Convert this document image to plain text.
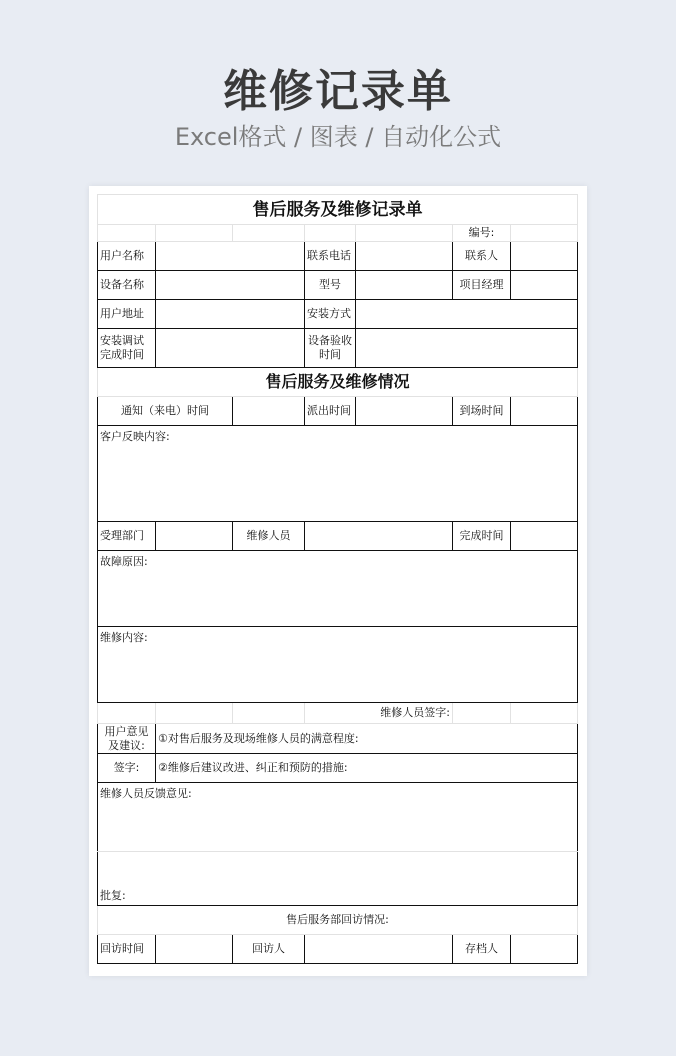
维修记录单
Excel格式 / 图表 / 自动化公式
售后服务及维修记录单						
					编号:	
用户名称			联系电话		联系人	
设备名称			型号		项目经理	
用户地址			安装方式			
安装调试完成时间			设备验收时间			
售后服务及维修情况						
通知（来电）时间			派出时间		到场时间	
客户反映内容:						
受理部门		维修人员			完成时间	
故障原因:						
维修内容:						
			维修人员签字:			
用户意见及建议:	①对售后服务及现场维修人员的满意程度:					
签字:	②维修后建议改进、纠正和预防的措施:					
维修人员反馈意见:						
批复:						
售后服务部回访情况:						
回访时间		回访人			存档人	
